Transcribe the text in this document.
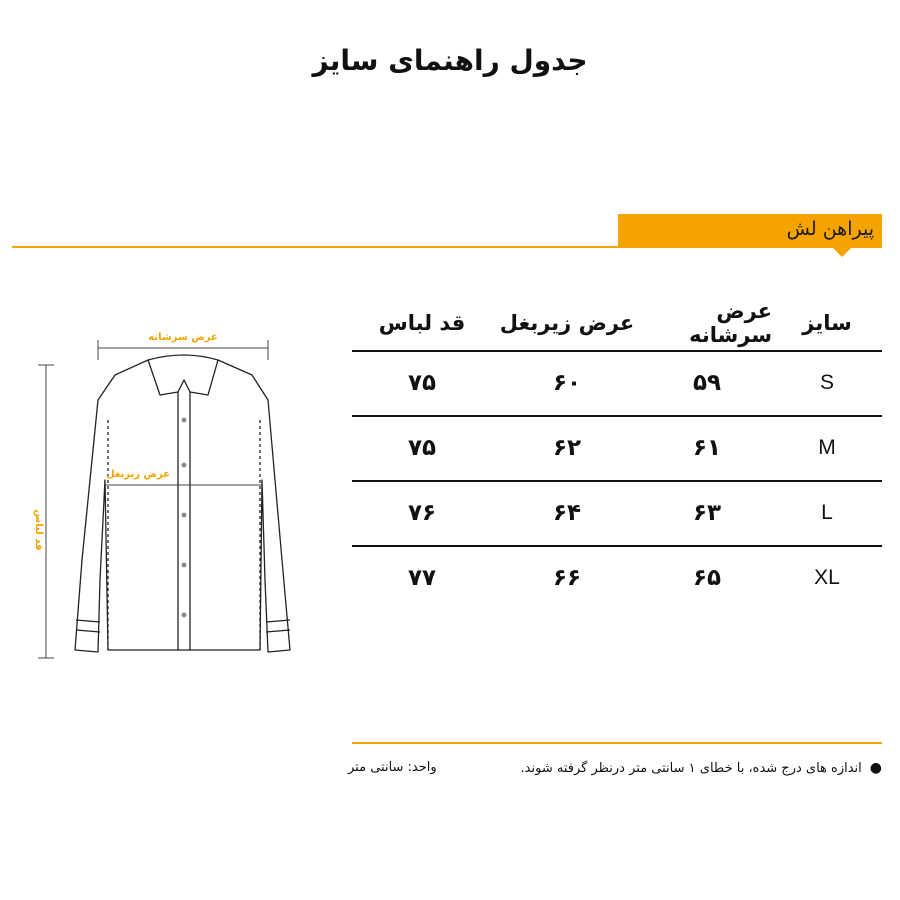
جدول راهنمای سایز
پیراهن لش
عرض سرشانه
عرض زیربغل
قد لباس
سایز
عرض سرشانه
عرض زیربغل
قد لباس
S
۵۹
۶۰
۷۵
M
۶۱
۶۲
۷۵
L
۶۳
۶۴
۷۶
XL
۶۵
۶۶
۷۷
●اندازه های درج شده، با خطای ۱ سانتی متر درنظر گرفته شوند.
واحد: سانتی متر
